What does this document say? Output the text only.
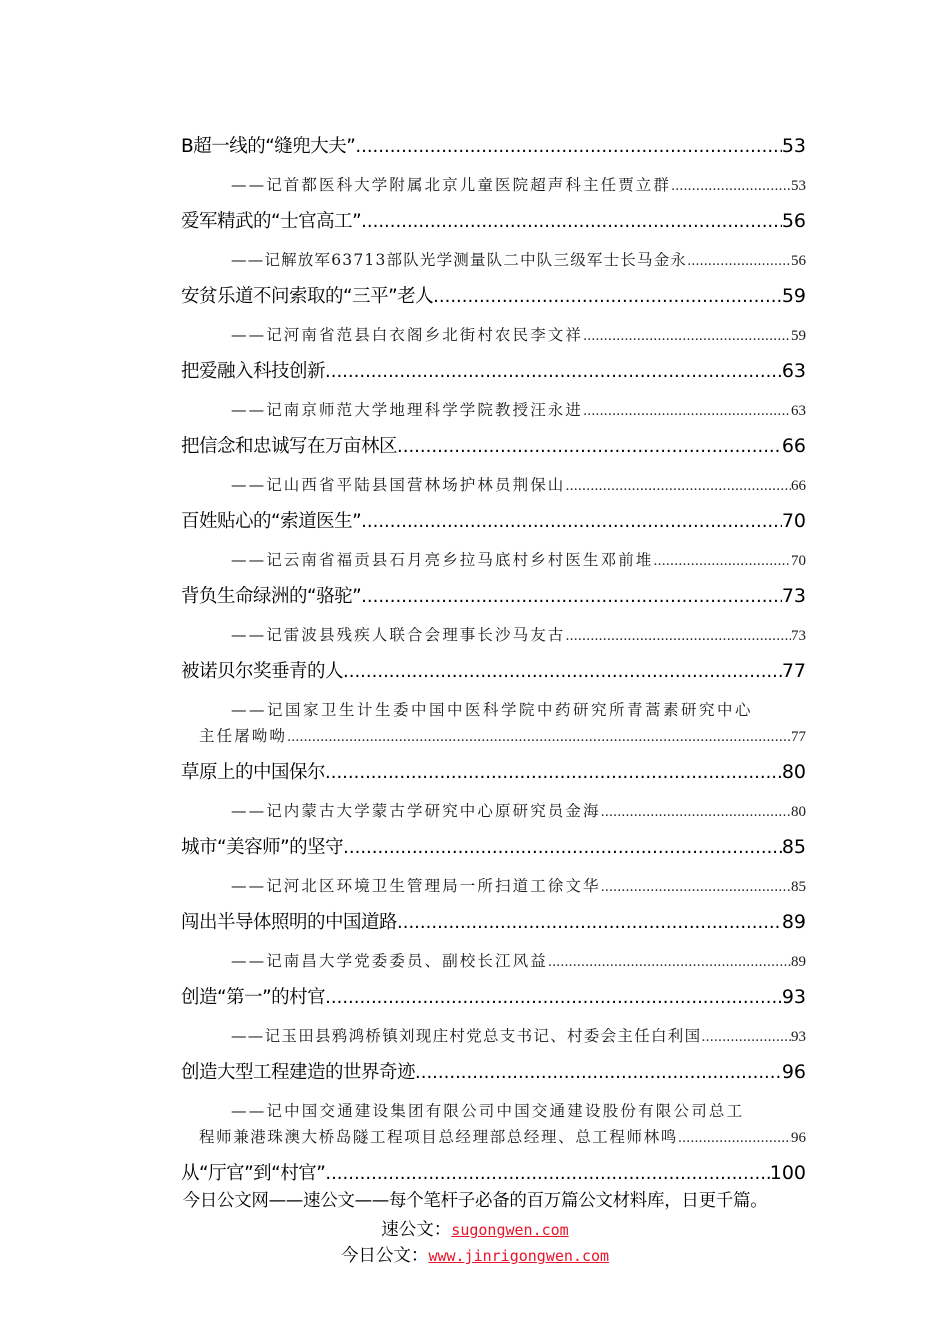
B超一线的“缝兜大夫” .....	53
——记首都医科大学附属北京儿童医院超声科主任贾立群 .....	53
爱军精武的“士官高工” .....	56
——记解放军63713部队光学测量队二中队三级军士长马金永 .....	56
安贫乐道不问索取的“三平”老人 .....	59
——记河南省范县白衣阁乡北街村农民李文祥 .....	59
把爱融入科技创新 .....	63
——记南京师范大学地理科学学院教授汪永进 .....	63
把信念和忠诚写在万亩林区 .....	66
——记山西省平陆县国营林场护林员荆保山 .....	66
百姓贴心的“索道医生” .....	70
——记云南省福贡县石月亮乡拉马底村乡村医生邓前堆 .....	70
背负生命绿洲的“骆驼” .....	73
——记雷波县残疾人联合会理事长沙马友古 .....	73
被诺贝尔奖垂青的人 .....	77
——记国家卫生计生委中国中医科学院中药研究所青蒿素研究中心
主任屠呦呦 .....	77
草原上的中国保尔 .....	80
——记内蒙古大学蒙古学研究中心原研究员金海 .....	80
城市“美容师”的坚守 .....	85
——记河北区环境卫生管理局一所扫道工徐文华 .....	85
闯出半导体照明的中国道路 .....	89
——记南昌大学党委委员、副校长江风益 .....	89
创造“第一”的村官 .....	93
——记玉田县鸦鸿桥镇刘现庄村党总支书记、村委会主任白利国 .....	93
创造大型工程建造的世界奇迹 .....	96
——记中国交通建设集团有限公司中国交通建设股份有限公司总工
程师兼港珠澳大桥岛隧工程项目总经理部总经理、总工程师林鸣 .....	96
从“厅官”到“村官” .....	100
今日公文网——速公文——每个笔杆子必备的百万篇公文材料库，日更千篇。
速公文：sugongwen.com
今日公文：www.jinrigongwen.com
